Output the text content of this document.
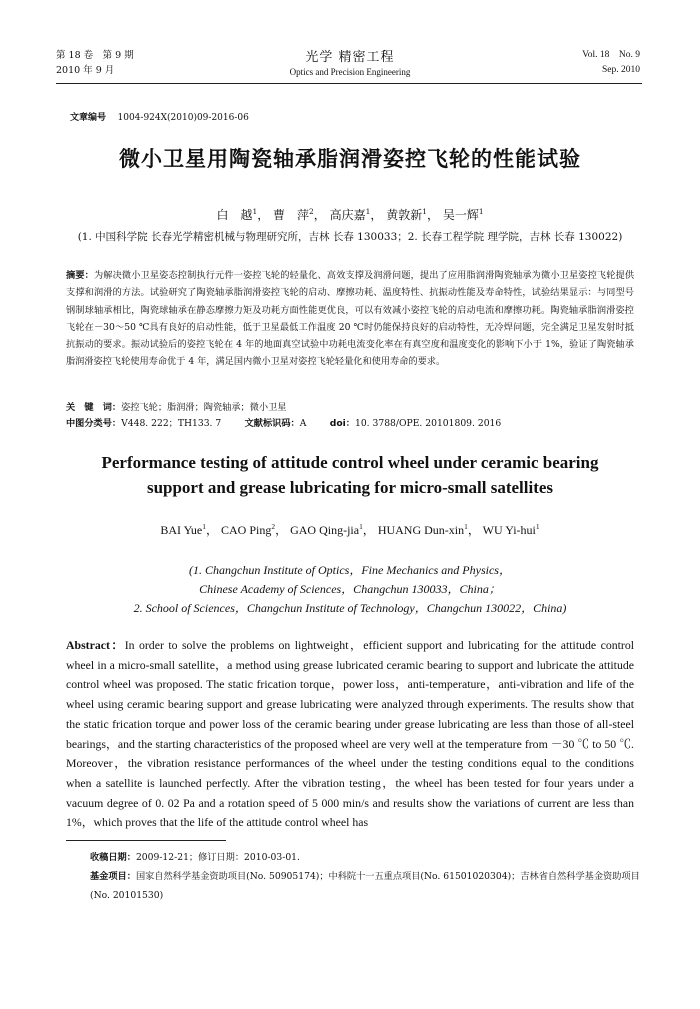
第 18 卷　第 9 期
2010 年 9 月
光学 精密工程
Optics and Precision Engineering
Vol. 18　No. 9
Sep. 2010
文章编号 1004-924X(2010)09-2016-06
微小卫星用陶瓷轴承脂润滑姿控飞轮的性能试验
白　越$^1$， 曹　萍$^2$， 高庆嘉$^1$， 黄敦新$^1$， 吴一辉$^1$
(1. 中国科学院 长春光学精密机械与物理研究所，吉林 长春 130033；2. 长春工程学院 理学院，吉林 长春 130022)
摘要：为解决微小卫星姿态控制执行元件一姿控飞轮的轻量化、高效支撑及润滑问题，提出了应用脂润滑陶瓷轴承为微小卫星姿控飞轮提供支撑和润滑的方法。试验研究了陶瓷轴承脂润滑姿控飞轮的启动、摩擦功耗、温度特性、抗振动性能及寿命特性，试验结果显示：与同型号钢制球轴承相比，陶瓷球轴承在静态摩擦力矩及功耗方面性能更优良，可以有效减小姿控飞轮的启动电流和摩擦功耗。陶瓷轴承脂润滑姿控飞轮在－30～50 ℃具有良好的启动性能，低于卫星最低工作温度 20 ℃时仍能保持良好的启动特性，无冷焊问题，完全满足卫星发射时抵抗振动的要求。振动试验后的姿控飞轮在 4 年的地面真空试验中功耗电流变化率在有真空度和温度变化的影响下小于 1%，验证了陶瓷轴承脂润滑姿控飞轮使用寿命优于 4 年，满足国内微小卫星对姿控飞轮轻量化和使用寿命的要求。
关　键　词：姿控飞轮；脂润滑；陶瓷轴承；微小卫星
中图分类号：V448. 222；TH133. 7	文献标识码：A	doi：10. 3788/OPE. 20101809. 2016
Performance testing of attitude control wheel under ceramic bearing
support and grease lubricating for micro-small satellites
BAI Yue$^1$， CAO Ping$^2$， GAO Qing-jia$^1$， HUANG Dun-xin$^1$， WU Yi-hui$^1$
(1. Changchun Institute of Optics，Fine Mechanics and Physics，
Chinese Academy of Sciences，Changchun 130033，China；
2. School of Sciences，Changchun Institute of Technology，Changchun 130022，China)
Abstract：In order to solve the problems on lightweight，efficient support and lubricating for the attitude control wheel in a micro-small satellite，a method using grease lubricated ceramic bearing to support and lubricate the attitude control wheel was proposed. The static frication torque，power loss，anti-temperature，anti-vibration and life of the wheel using ceramic bearing support and grease lubricating were analyzed through experiments. The results show that the static frication torque and power loss of the ceramic bearing under grease lubricating are less than those of all-steel bearings，and the starting characteristics of the proposed wheel are very well at the temperature from －30 ℃ to 50 ℃. Moreover，the vibration resistance performances of the wheel under the testing conditions equal to the conditions when a satellite is launched perfectly. After the vibration testing，the wheel has been tested for four years under a vacuum degree of 0. 02 Pa and a rotation speed of 5 000 min/s and results show the variations of current are less than 1%，which proves that the life of the attitude control wheel has
收稿日期：2009-12-21；修订日期：2010-03-01.
基金项目：国家自然科学基金资助项目(No. 50905174)；中科院十一五重点项目(No. 61501020304)；吉林省自然科学基金资助项目(No. 20101530)
